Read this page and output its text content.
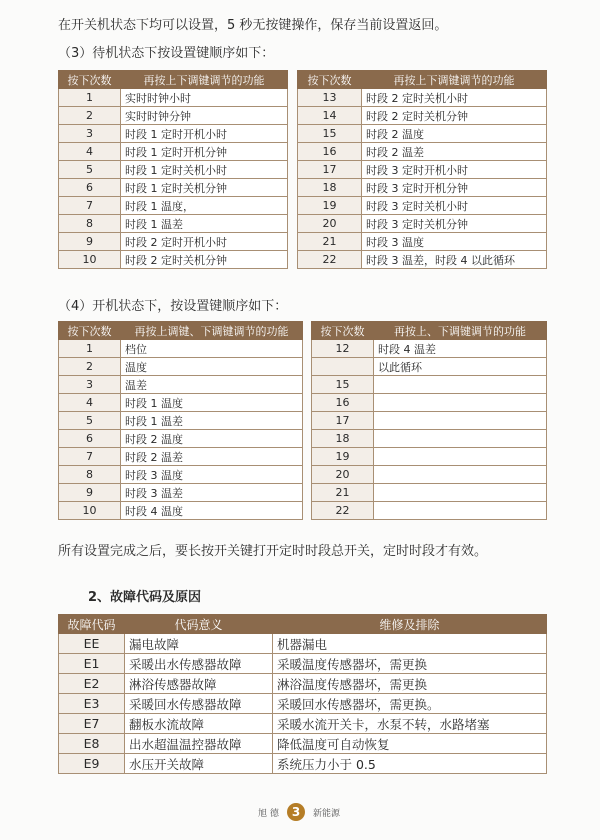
在开关机状态下均可以设置，5 秒无按键操作，保存当前设置返回。
（3）待机状态下按设置键顺序如下：
按下次数	再按上下调键调节的功能
1	实时时钟小时
2	实时时钟分钟
3	时段 1 定时开机小时
4	时段 1 定时开机分钟
5	时段 1 定时关机小时
6	时段 1 定时关机分钟
7	时段 1 温度，
8	时段 1 温差
9	时段 2 定时开机小时
10	时段 2 定时关机分钟
按下次数	再按上下调键调节的功能
13	时段 2 定时关机小时
14	时段 2 定时关机分钟
15	时段 2 温度
16	时段 2 温差
17	时段 3 定时开机小时
18	时段 3 定时开机分钟
19	时段 3 定时关机小时
20	时段 3 定时关机分钟
21	时段 3 温度
22	时段 3 温差，时段 4 以此循环
（4）开机状态下，按设置键顺序如下：
按下次数	再按上调键、下调键调节的功能
1	档位
2	温度
3	温差
4	时段 1 温度
5	时段 1 温差
6	时段 2 温度
7	时段 2 温差
8	时段 3 温度
9	时段 3 温差
10	时段 4 温度
按下次数	再按上、下调键调节的功能
12	时段 4 温差
	以此循环
15	
16	
17	
18	
19	
20	
21	
22	
所有设置完成之后，要长按开关键打开定时时段总开关，定时时段才有效。
2、故障代码及原因
故障代码	代码意义	维修及排除
EE	漏电故障	机器漏电
E1	采暖出水传感器故障	采暖温度传感器坏，需更换
E2	淋浴传感器故障	淋浴温度传感器坏，需更换
E3	采暖回水传感器故障	采暖回水传感器坏，需更换。
E7	翻板水流故障	采暖水流开关卡，水泵不转，水路堵塞
E8	出水超温温控器故障	降低温度可自动恢复
E9	水压开关故障	系统压力小于 0.5
旭 德	3	新能源
